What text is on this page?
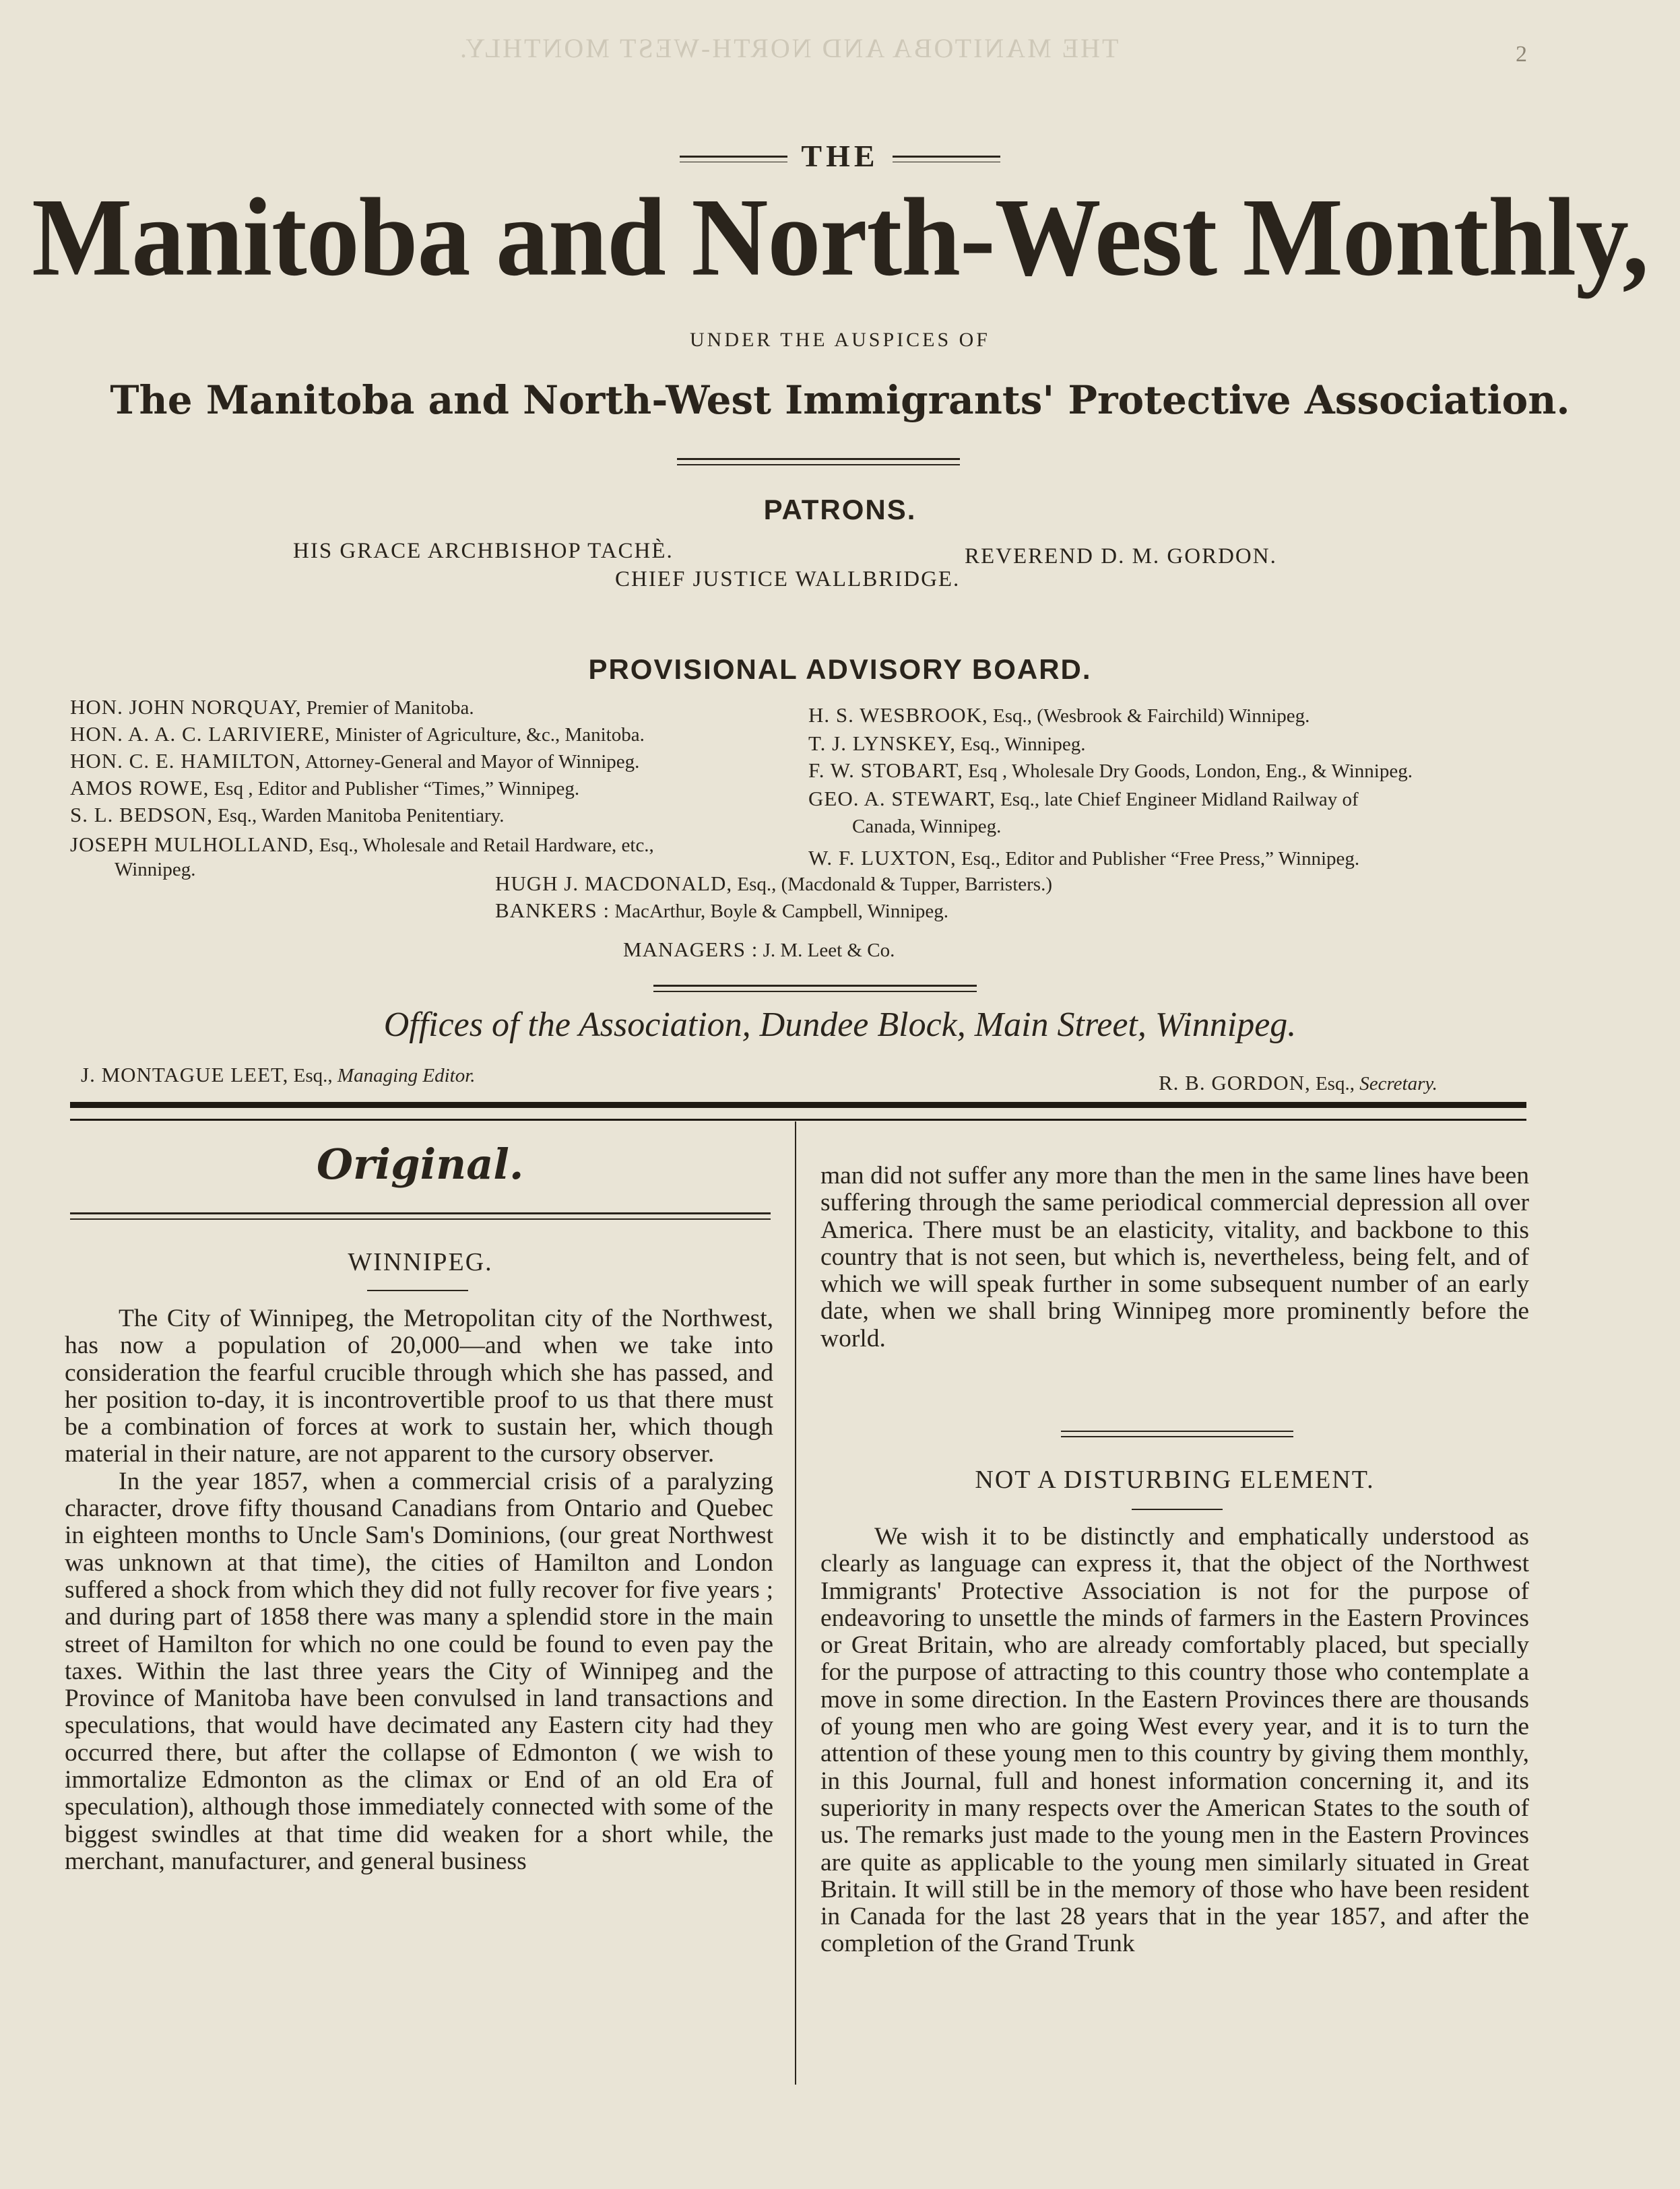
THE MANITOBA AND NORTH-WEST MONTHLY.	2
THE
Manitoba and North-West Monthly,
UNDER THE AUSPICES OF
The Manitoba and North-West Immigrants' Protective Association.
PATRONS.
HIS GRACE ARCHBISHOP TACHÈ.	REVEREND D. M. GORDON.
CHIEF JUSTICE WALLBRIDGE.
PROVISIONAL ADVISORY BOARD.
HON. JOHN NORQUAY, Premier of Manitoba.
HON. A. A. C. LARIVIERE, Minister of Agriculture, &c., Manitoba.
HON. C. E. HAMILTON, Attorney-General and Mayor of Winnipeg.
AMOS ROWE, Esq , Editor and Publisher “Times,” Winnipeg.
S. L. BEDSON, Esq., Warden Manitoba Penitentiary.
JOSEPH MULHOLLAND, Esq., Wholesale and Retail Hardware, etc.,
Winnipeg.
H. S. WESBROOK, Esq., (Wesbrook & Fairchild) Winnipeg.
T. J. LYNSKEY, Esq., Winnipeg.
F. W. STOBART, Esq , Wholesale Dry Goods, London, Eng., & Winnipeg.
GEO. A. STEWART, Esq., late Chief Engineer Midland Railway of
Canada, Winnipeg.
W. F. LUXTON, Esq., Editor and Publisher “Free Press,” Winnipeg.
HUGH J. MACDONALD, Esq., (Macdonald & Tupper, Barristers.)
BANKERS : MacArthur, Boyle & Campbell, Winnipeg.
MANAGERS : J. M. Leet & Co.
Offices of the Association, Dundee Block, Main Street, Winnipeg.
J. MONTAGUE LEET, Esq., Managing Editor.	R. B. GORDON, Esq., Secretary.
Original.
WINNIPEG.

The City of Winnipeg, the Metropolitan city of the Northwest, has now a population of 20,000—and when we take into consideration the fearful crucible through which she has passed, and her position to-day, it is incontrovertible proof to us that there must be a combination of forces at work to sustain her, which though material in their nature, are not apparent to the cursory observer.

In the year 1857, when a commercial crisis of a paralyzing character, drove fifty thousand Canadians from Ontario and Quebec in eighteen months to Uncle Sam's Dominions, (our great Northwest was unknown at that time), the cities of Hamilton and London suffered a shock from which they did not fully recover for five years ; and during part of 1858 there was many a splendid store in the main street of Hamilton for which no one could be found to even pay the taxes. Within the last three years the City of Winnipeg and the Province of Manitoba have been convulsed in land transactions and speculations, that would have decimated any Eastern city had they occurred there, but after the collapse of Edmonton ( we wish to immortalize Edmonton as the climax or End of an old Era of speculation), although those immediately connected with some of the biggest swindles at that time did weaken for a short while, the merchant, manufacturer, and general business

man did not suffer any more than the men in the same lines have been suffering through the same periodical commercial depression all over America. There must be an elasticity, vitality, and backbone to this country that is not seen, but which is, nevertheless, being felt, and of which we will speak further in some subsequent number of an early date, when we shall bring Winnipeg more prominently before the world.

NOT A DISTURBING ELEMENT.

We wish it to be distinctly and emphatically understood as clearly as language can express it, that the object of the Northwest Immigrants' Protective Association is not for the purpose of endeavoring to unsettle the minds of farmers in the Eastern Provinces or Great Britain, who are already comfortably placed, but specially for the purpose of attracting to this country those who contemplate a move in some direction. In the Eastern Provinces there are thousands of young men who are going West every year, and it is to turn the attention of these young men to this country by giving them monthly, in this Journal, full and honest information concerning it, and its superiority in many respects over the American States to the south of us. The remarks just made to the young men in the Eastern Provinces are quite as applicable to the young men similarly situated in Great Britain. It will still be in the memory of those who have been resident in Canada for the last 28 years that in the year 1857, and after the completion of the Grand Trunk
